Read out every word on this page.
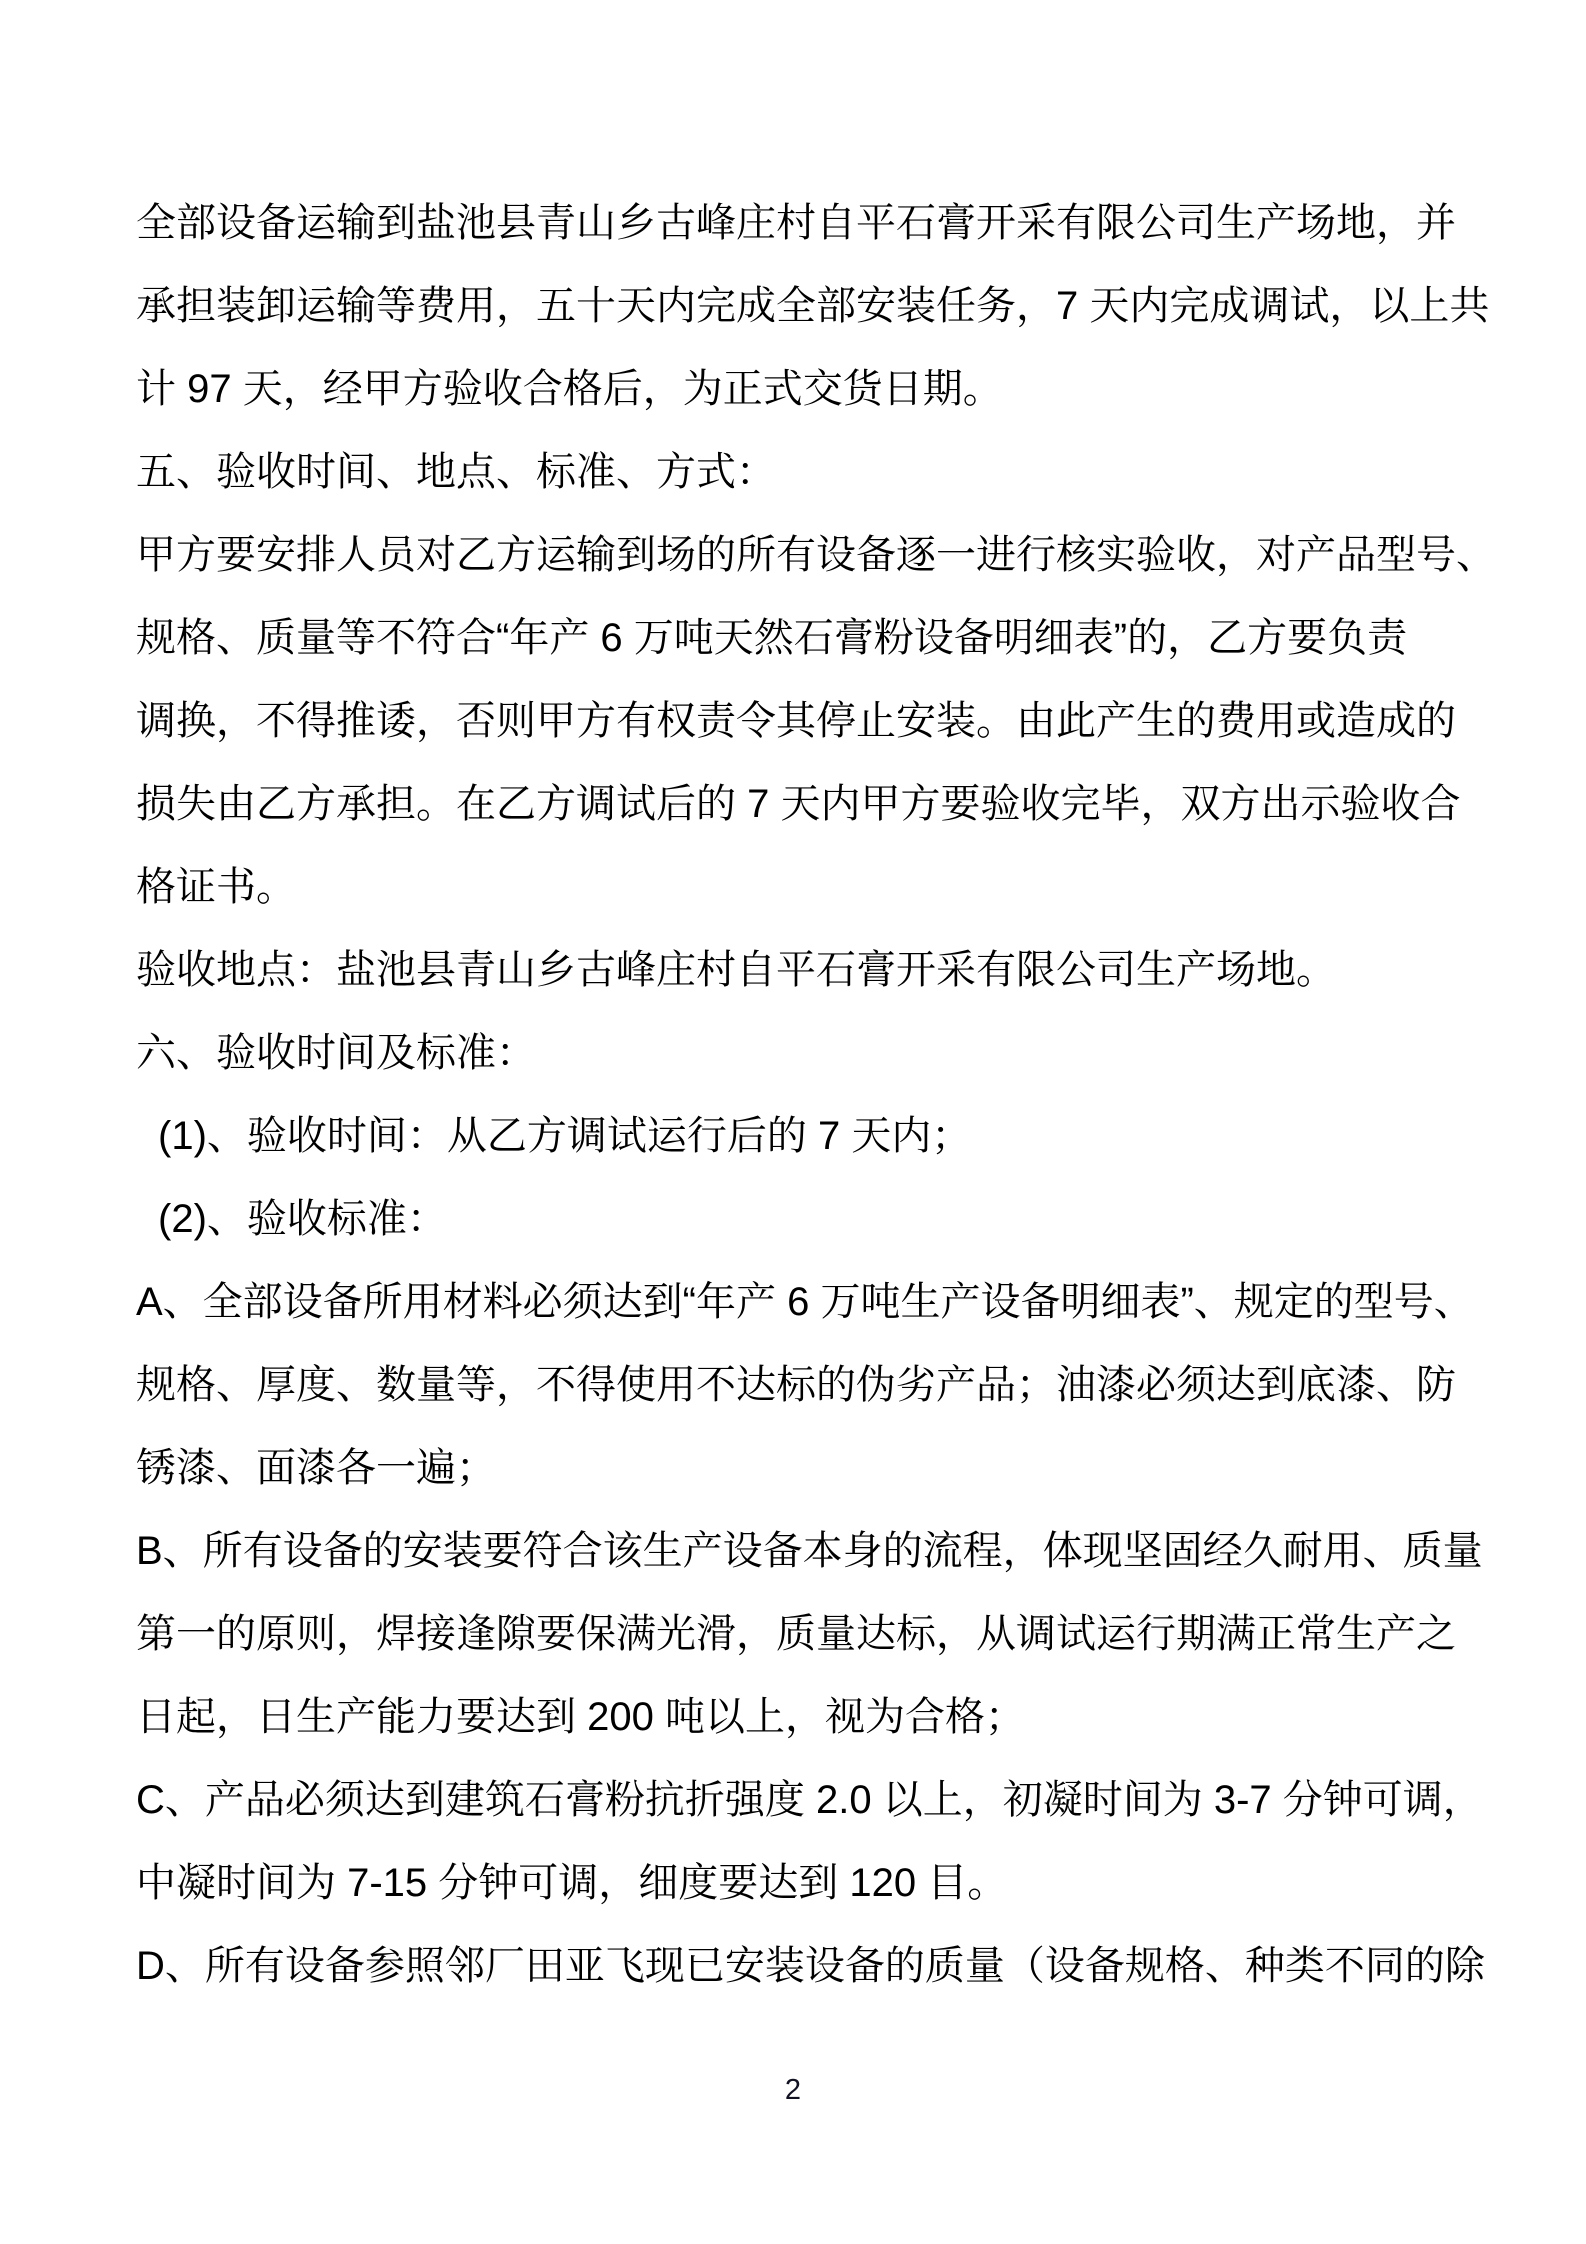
全部设备运输到盐池县青山乡古峰庄村自平石膏开采有限公司生产场地，并
承担装卸运输等费用，五十天内完成全部安装任务，7 天内完成调试，以上共
计 97 天，经甲方验收合格后，为正式交货日期。
五、验收时间、地点、标准、方式：
甲方要安排人员对乙方运输到场的所有设备逐一进行核实验收，对产品型号、
规格、质量等不符合“年产 6 万吨天然石膏粉设备明细表”的，乙方要负责
调换，不得推诿，否则甲方有权责令其停止安装。由此产生的费用或造成的
损失由乙方承担。在乙方调试后的 7 天内甲方要验收完毕，双方出示验收合
格证书。
验收地点：盐池县青山乡古峰庄村自平石膏开采有限公司生产场地。
六、验收时间及标准：
(1)、验收时间：从乙方调试运行后的 7 天内；
(2)、验收标准：
A、全部设备所用材料必须达到“年产 6 万吨生产设备明细表”、规定的型号、
规格、厚度、数量等，不得使用不达标的伪劣产品；油漆必须达到底漆、防
锈漆、面漆各一遍；
B、所有设备的安装要符合该生产设备本身的流程，体现坚固经久耐用、质量
第一的原则，焊接逢隙要保满光滑，质量达标，从调试运行期满正常生产之
日起，日生产能力要达到 200 吨以上，视为合格；
C、产品必须达到建筑石膏粉抗折强度 2.0 以上，初凝时间为 3-7 分钟可调，
中凝时间为 7-15 分钟可调，细度要达到 120 目。
D、所有设备参照邻厂田亚飞现已安装设备的质量（设备规格、种类不同的除
2
